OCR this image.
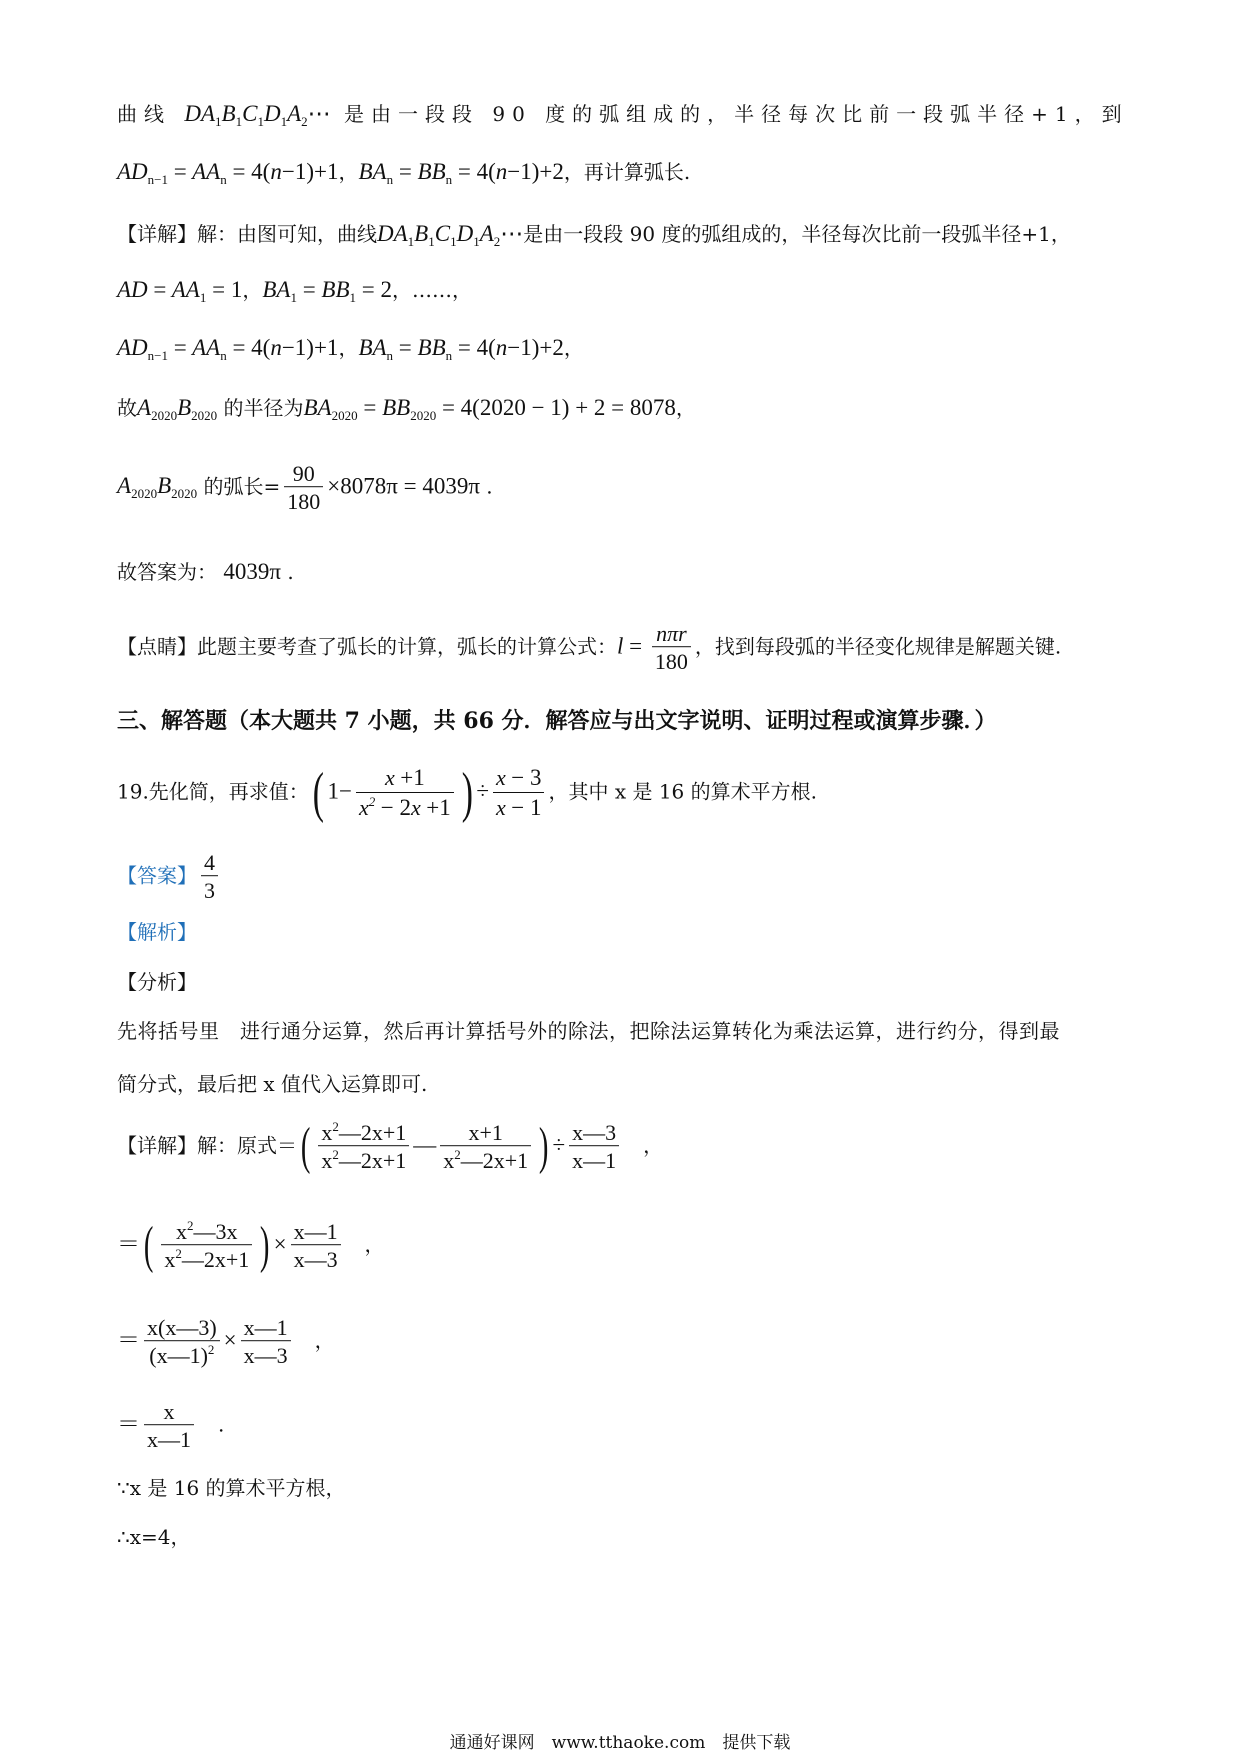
曲线 $DA_1B_1C_1D_1A_2\cdots$ 是由一段段 90 度的弧组成的，半径每次比前一段弧半径+1，到
$AD_{n-1} = AA_n = 4(n-1)+1$，$BA_n = BB_n = 4(n-1)+2$，再计算弧长.
【详解】解：由图可知，曲线$DA_1B_1C_1D_1A_2\cdots$是由一段段 90 度的弧组成的，半径每次比前一段弧半径+1，
AD = $AA_1 = 1$，$BA_1 = BB_1 = 2$，……，
$AD_{n-1} = AA_n = 4(n-1)+1$，$BA_n = BB_n = 4(n-1)+2$，
故$A_{2020}B_{2020}$ 的半径为$BA_{2020} = BB_{2020} = 4(2020 - 1) + 2 = 8078$，
$A_{2020}B_{2020}$ 的弧长= $\frac{90}{180} \times 8078\pi = 4039\pi$ .
故答案为： 4039π .
【点睛】此题主要考查了弧长的计算，弧长的计算公式：l = nπr
180
，找到每段弧的半径变化规律是解题关键.
三、解答题（本大题共 7 小题，共 66 分．解答应与出文字说明、证明过程或演算步骤．）
19.先化简，再求值：( $1- \frac{x +1}{x^2 - 2x +1}$ ) ÷ $\frac{x - 3}{x - 1}$ ，其中 x 是 16 的算术平方根.
【答案】 $\frac{4}{3}$
【解析】
【分析】
先将括号里　进行通分运算，然后再计算括号外的除法，把除法运算转化为乘法运算，进行约分，得到最
简分式，最后把 x 值代入运算即可.
【详解】解：原式＝( $\frac{x^2—2x+1}{x^2—2x+1}$ — $\frac{x+1}{x^2—2x+1}$ ) ÷ $\frac{x—3}{x—1}$ 　，
＝( $\frac{x^2—3x}{x^2—2x+1}$ ) × $\frac{x—1}{x—3}$ 　，
＝ $\frac{x(x—3)}{(x—1)^2} \times \frac{x—1}{x—3}$ 　，
＝ $\frac{x}{x—1}$ 　.
∵x 是 16 的算术平方根，
∴x=4，
通通好课网　www.tthaoke.com　提供下载
